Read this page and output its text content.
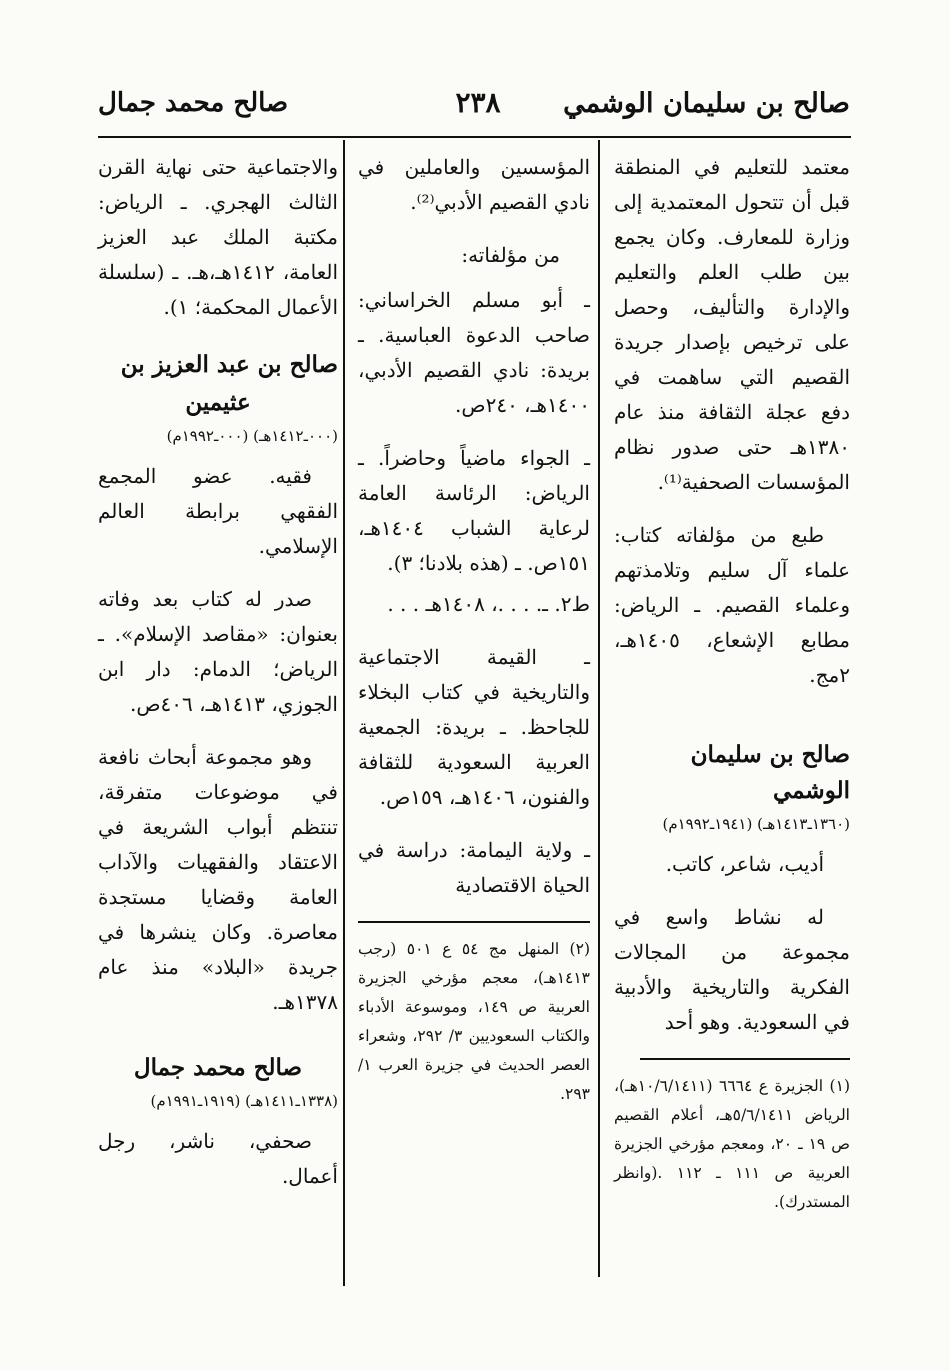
صالح بن سليمان الوشمي
٢٣٨
صالح محمد جمال

معتمد للتعليم في المنطقة قبل أن تتحول المعتمدية إلى وزارة للمعارف. وكان يجمع بين طلب العلم والتعليم والإدارة والتأليف، وحصل على ترخيص بإصدار جريدة القصيم التي ساهمت في دفع عجلة الثقافة منذ عام ١٣٨٠هـ حتى صدور نظام المؤسسات الصحفية⁽¹⁾.

طبع من مؤلفاته كتاب: علماء آل سليم وتلامذتهم وعلماء القصيم. ـ الرياض: مطابع الإشعاع، ١٤٠٥هـ، ٢مج.

صالح بن سليمان الوشمي
(١٣٦٠ـ١٤١٣هـ) (١٩٤١ـ١٩٩٢م)

أديب، شاعر، كاتب.

له نشاط واسع في مجموعة من المجالات الفكرية والتاريخية والأدبية في السعودية. وهو أحد

(١) الجزيرة ع ٦٦٦٤ (١٠/٦/١٤١١هـ)، الرياض ٥/٦/١٤١١هـ، أعلام القصيم ص ١٩ ـ ٢٠، ومعجم مؤرخي الجزيرة العربية ص ١١١ ـ ١١٢ .(وانظر المستدرك).

المؤسسين والعاملين في نادي القصيم الأدبي⁽²⁾.

من مؤلفاته:

ـ أبو مسلم الخراساني: صاحب الدعوة العباسية. ـ بريدة: نادي القصيم الأدبي، ١٤٠٠هـ، ٢٤٠ص.

ـ الجواء ماضياً وحاضراً. ـ الرياض: الرئاسة العامة لرعاية الشباب ١٤٠٤هـ، ١٥١ص. ـ (هذه بلادنا؛ ٣).

ط٢. ـ. . . .، ١٤٠٨هـ . . .

ـ القيمة الاجتماعية والتاريخية في كتاب البخلاء للجاحظ. ـ بريدة: الجمعية العربية السعودية للثقافة والفنون، ١٤٠٦هـ، ١٥٩ص.

ـ ولاية اليمامة: دراسة في الحياة الاقتصادية

(٢) المنهل مج ٥٤ ع ٥٠١ (رجب ١٤١٣هـ)، معجم مؤرخي الجزيرة العربية ص ١٤٩، وموسوعة الأدباء والكتاب السعوديين ٣/ ٢٩٢، وشعراء العصر الحديث في جزيرة العرب ١/ ٢٩٣.

والاجتماعية حتى نهاية القرن الثالث الهجري. ـ الرياض: مكتبة الملك عبد العزيز العامة، ١٤١٢هـ،هـ. ـ (سلسلة الأعمال المحكمة؛ ١).

صالح بن عبد العزيز بن
عثيمين
(٠٠٠ـ١٤١٢هـ) (٠٠٠ـ١٩٩٢م)

فقيه. عضو المجمع الفقهي برابطة العالم الإسلامي.

صدر له كتاب بعد وفاته بعنوان: «مقاصد الإسلام». ـ الرياض؛ الدمام: دار ابن الجوزي، ١٤١٣هـ، ٤٠٦ص.

وهو مجموعة أبحاث نافعة في موضوعات متفرقة، تنتظم أبواب الشريعة في الاعتقاد والفقهيات والآداب العامة وقضايا مستجدة معاصرة. وكان ينشرها في جريدة «البلاد» منذ عام ١٣٧٨هـ.

صالح محمد جمال
(١٣٣٨ـ١٤١١هـ) (١٩١٩ـ١٩٩١م)

صحفي، ناشر، رجل أعمال.
